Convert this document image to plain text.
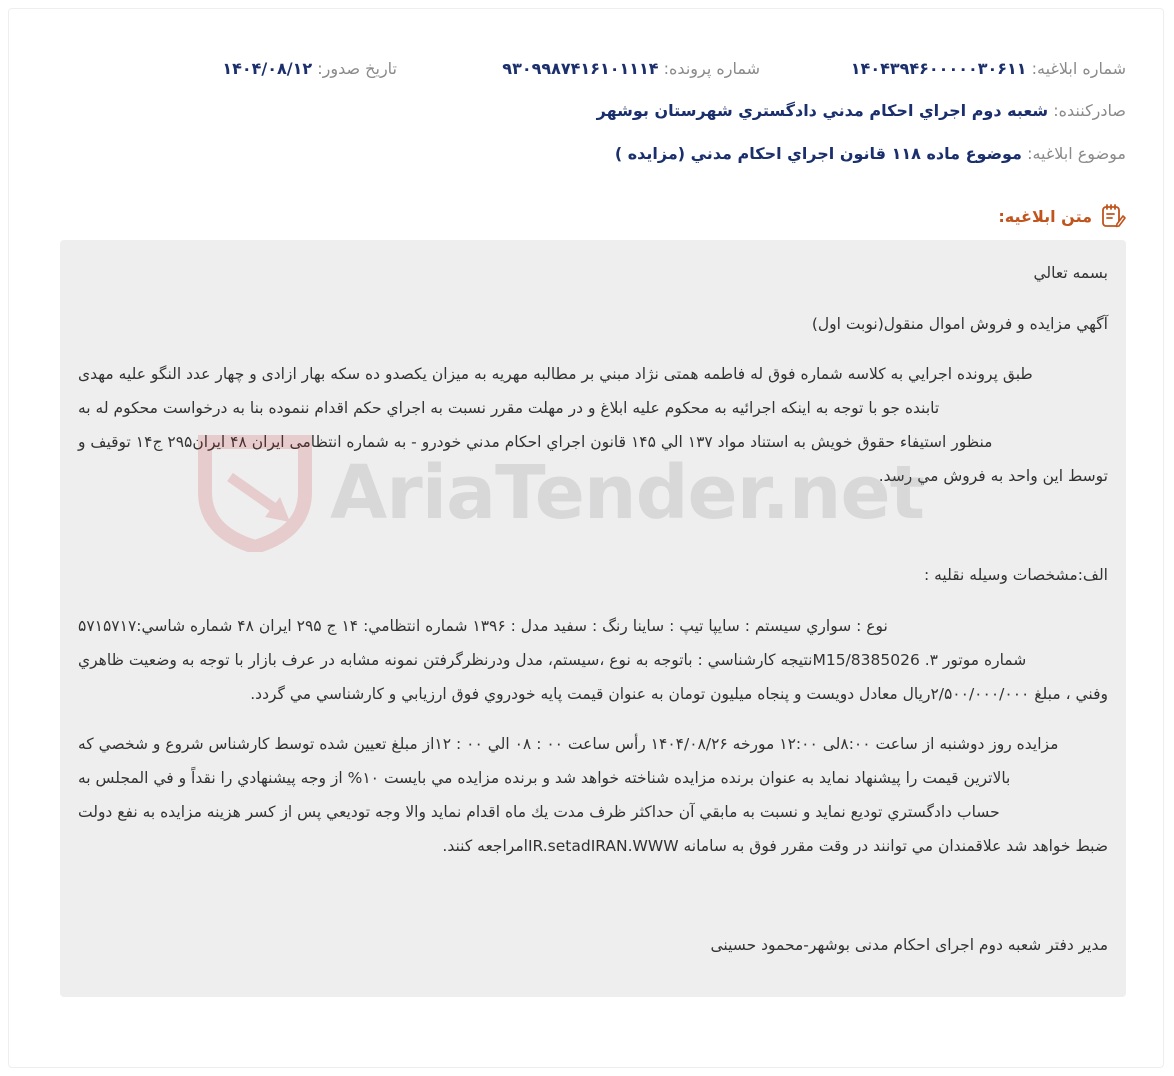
شماره ابلاغيه: ۱۴۰۴۳۹۴۶۰۰۰۰۰۳۰۶۱۱
شماره پرونده: ۹۳۰۹۹۸۷۴۱۶۱۰۱۱۱۴
تاريخ صدور: ۱۴۰۴/۰۸/۱۲
صادرکننده: شعبه دوم اجراي احکام مدني دادگستري شهرستان بوشهر
موضوع ابلاغيه: موضوع ماده ۱۱۸ قانون اجراي احکام مدني (مزايده )
متن ابلاغيه:

بسمه تعالي

آگهي مزايده و فروش اموال منقول(نوبت اول)

طبق پرونده اجرايي به کلاسه شماره فوق له فاطمه همتی نژاد مبني بر مطالبه مهريه به ميزان يکصدو ده سكه بهار ازادی و چهار عدد النگو عليه مهدی
تابنده جو با توجه به اينكه اجرائيه به محكوم عليه ابلاغ و در مهلت مقرر نسبت به اجراي حكم اقدام ننموده بنا به درخواست محكوم له به
منظور استيفاء حقوق خويش به استناد مواد ۱۳۷ الي ۱۴۵ قانون اجراي احكام مدني خودرو - به شماره انتظامی ایران ۴۸ ایران۲۹۵ ج۱۴ توقيف و
توسط اين واحد به فروش مي رسد.

الف:مشخصات وسيله نقليه :

نوع : سواري سيستم : سايپا تيپ : ساينا رنگ : سفيد مدل : ۱۳۹۶ شماره انتظامي: ۱۴ ج ۲۹۵ ايران ۴۸ شماره شاسي:۵۷۱۵۷۱۷
شماره موتور ۳. M15/8385026نتيجه كارشناسي : باتوجه به نوع ،سيستم، مدل ودرنظرگرفتن نمونه مشابه در عرف بازار با توجه به وضعيت ظاهري
وفني ، مبلغ ۲/۵۰۰/۰۰۰/۰۰۰ريال معادل دويست و پنجاه ميليون تومان به عنوان قيمت پايه خودروي فوق ارزيابي و كارشناسي مي گردد.
مزايده روز دوشنبه از ساعت ۸:۰۰لی ۱۲:۰۰ مورخه ۱۴۰۴/۰۸/۲۶ رأس ساعت ۰۰ : ۰۸ الي ۰۰ : ۱۲از مبلغ تعيين شده توسط كارشناس شروع و شخصي كه
بالاترين قيمت را پيشنهاد نمايد به عنوان برنده مزايده شناخته خواهد شد و برنده مزايده مي بايست ۱۰% از وجه پيشنهادي را نقداً و في المجلس به
حساب دادگستري توديع نمايد و نسبت به مابقي آن حداكثر ظرف مدت يك ماه اقدام نمايد والا وجه توديعي پس از كسر هزينه مزايده به نفع دولت
ضبط خواهد شد علاقمندان مي توانند در وقت مقرر فوق به سامانه IR.setadIRAN.WWWامراجعه كنند.

مدير دفتر شعبه دوم اجرای احکام مدنی بوشهر-محمود حسینی
